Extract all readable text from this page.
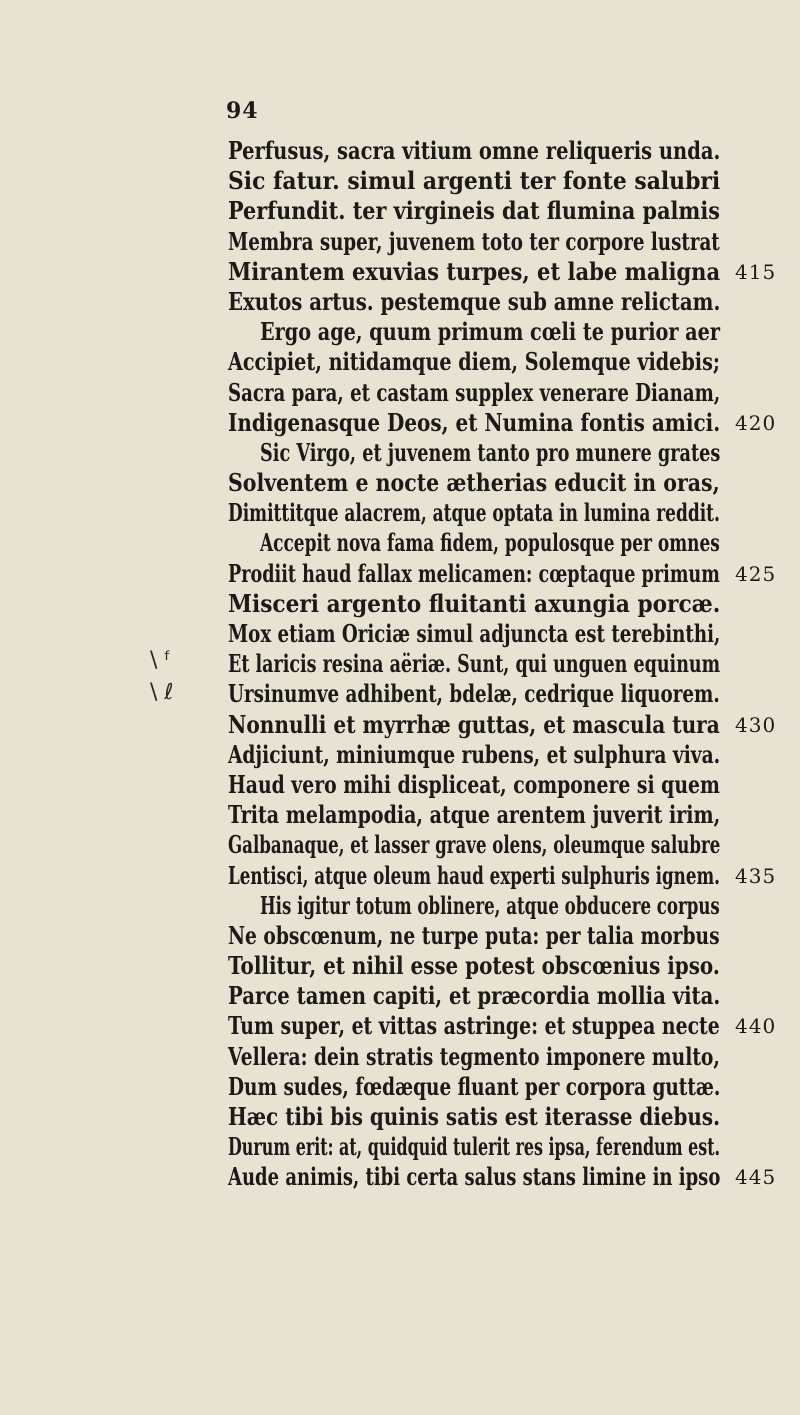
94
\ ᶠ
\ ℓ
Perfusus, sacra vitium omne reliqueris unda.
Sic fatur. simul argenti ter fonte salubri
Perfundit. ter virgineis dat flumina palmis
Membra super, juvenem toto ter corpore lustrat
Mirantem exuvias turpes, et labe maligna 415
Exutos artus. pestemque sub amne relictam.
Ergo age, quum primum cœli te purior aer
Accipiet, nitidamque diem, Solemque videbis;
Sacra para, et castam supplex venerare Dianam,
Indigenasque Deos, et Numina fontis amici. 420
Sic Virgo, et juvenem tanto pro munere grates
Solventem e nocte ætherias educit in oras,
Dimittitque alacrem, atque optata in lumina reddit.
Accepit nova fama fidem, populosque per omnes
Prodiit haud fallax melicamen: cœptaque primum 425
Misceri argento fluitanti axungia porcæ.
Mox etiam Oriciæ simul adjuncta est terebinthi,
Et laricis resina aëriæ. Sunt, qui unguen equinum
Ursinumve adhibent, bdelæ, cedrique liquorem.
Nonnulli et myrrhæ guttas, et mascula tura 430
Adjiciunt, miniumque rubens, et sulphura viva.
Haud vero mihi displiceat, componere si quem
Trita melampodia, atque arentem juverit irim,
Galbanaque, et lasser grave olens, oleumque salubre
Lentisci, atque oleum haud experti sulphuris ignem. 435
His igitur totum oblinere, atque obducere corpus
Ne obscœnum, ne turpe puta: per talia morbus
Tollitur, et nihil esse potest obscœnius ipso.
Parce tamen capiti, et præcordia mollia vita.
Tum super, et vittas astringe: et stuppea necte 440
Vellera: dein stratis tegmento imponere multo,
Dum sudes, fœdæque fluant per corpora guttæ.
Hæc tibi bis quinis satis est iterasse diebus.
Durum erit: at, quidquid tulerit res ipsa, ferendum est.
Aude animis, tibi certa salus stans limine in ipso 445
